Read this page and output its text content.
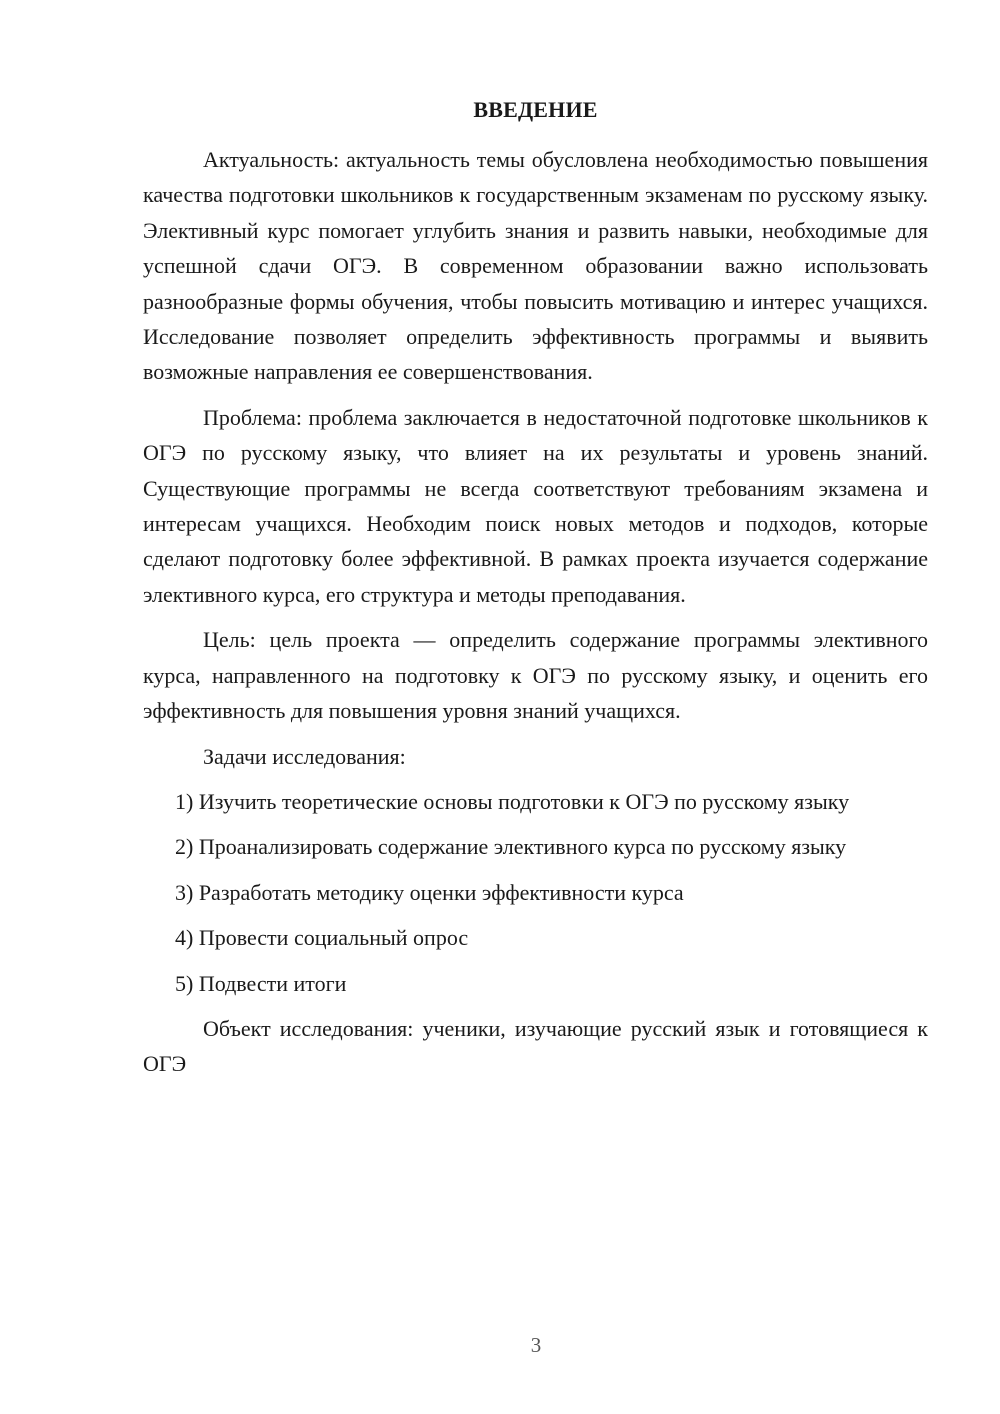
ВВЕДЕНИЕ

Актуальность: актуальность темы обусловлена необходимостью повышения качества подготовки школьников к государственным экзаменам по русскому языку. Элективный курс помогает углубить знания и развить навыки, необходимые для успешной сдачи ОГЭ. В современном образовании важно использовать разнообразные формы обучения, чтобы повысить мотивацию и интерес учащихся. Исследование позволяет определить эффективность программы и выявить возможные направления ее совершенствования.

Проблема: проблема заключается в недостаточной подготовке школьников к ОГЭ по русскому языку, что влияет на их результаты и уровень знаний. Существующие программы не всегда соответствуют требованиям экзамена и интересам учащихся. Необходим поиск новых методов и подходов, которые сделают подготовку более эффективной. В рамках проекта изучается содержание элективного курса, его структура и методы преподавания.

Цель: цель проекта — определить содержание программы элективного курса, направленного на подготовку к ОГЭ по русскому языку, и оценить его эффективность для повышения уровня знаний учащихся.

Задачи исследования:

1) Изучить теоретические основы подготовки к ОГЭ по русскому языку

2) Проанализировать содержание элективного курса по русскому языку

3) Разработать методику оценки эффективности курса

4) Провести социальный опрос

5) Подвести итоги

Объект исследования: ученики, изучающие русский язык и готовящиеся к ОГЭ

3
